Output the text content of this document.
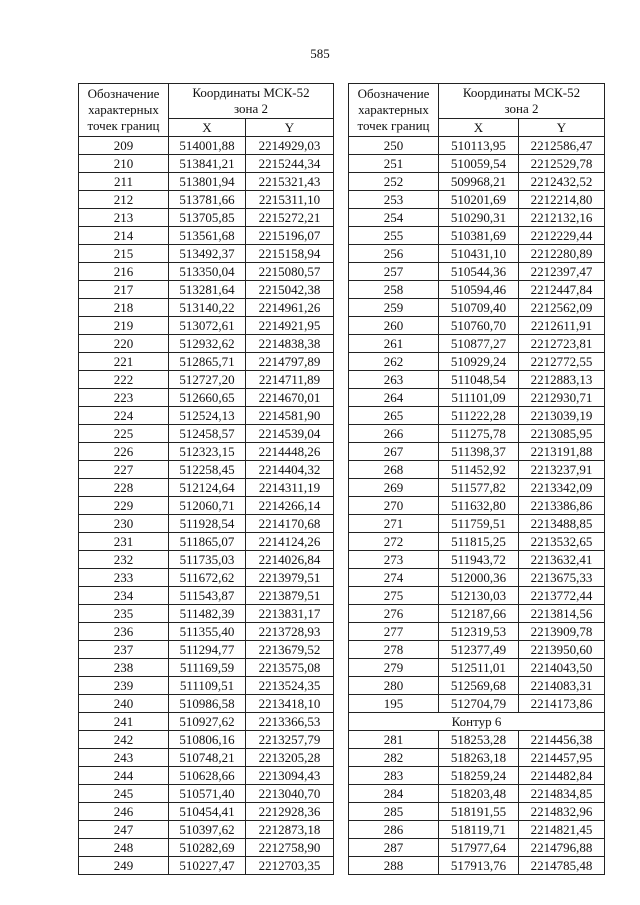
585
Обозначение
характерных
точек границ	Координаты МСК-52
зона 2	
	X	Y
209	514001,88	2214929,03
210	513841,21	2215244,34
211	513801,94	2215321,43
212	513781,66	2215311,10
213	513705,85	2215272,21
214	513561,68	2215196,07
215	513492,37	2215158,94
216	513350,04	2215080,57
217	513281,64	2215042,38
218	513140,22	2214961,26
219	513072,61	2214921,95
220	512932,62	2214838,38
221	512865,71	2214797,89
222	512727,20	2214711,89
223	512660,65	2214670,01
224	512524,13	2214581,90
225	512458,57	2214539,04
226	512323,15	2214448,26
227	512258,45	2214404,32
228	512124,64	2214311,19
229	512060,71	2214266,14
230	511928,54	2214170,68
231	511865,07	2214124,26
232	511735,03	2214026,84
233	511672,62	2213979,51
234	511543,87	2213879,51
235	511482,39	2213831,17
236	511355,40	2213728,93
237	511294,77	2213679,52
238	511169,59	2213575,08
239	511109,51	2213524,35
240	510986,58	2213418,10
241	510927,62	2213366,53
242	510806,16	2213257,79
243	510748,21	2213205,28
244	510628,66	2213094,43
245	510571,40	2213040,70
246	510454,41	2212928,36
247	510397,62	2212873,18
248	510282,69	2212758,90
249	510227,47	2212703,35
Обозначение
характерных
точек границ	Координаты МСК-52
зона 2	
	X	Y
250	510113,95	2212586,47
251	510059,54	2212529,78
252	509968,21	2212432,52
253	510201,69	2212214,80
254	510290,31	2212132,16
255	510381,69	2212229,44
256	510431,10	2212280,89
257	510544,36	2212397,47
258	510594,46	2212447,84
259	510709,40	2212562,09
260	510760,70	2212611,91
261	510877,27	2212723,81
262	510929,24	2212772,55
263	511048,54	2212883,13
264	511101,09	2212930,71
265	511222,28	2213039,19
266	511275,78	2213085,95
267	511398,37	2213191,88
268	511452,92	2213237,91
269	511577,82	2213342,09
270	511632,80	2213386,86
271	511759,51	2213488,85
272	511815,25	2213532,65
273	511943,72	2213632,41
274	512000,36	2213675,33
275	512130,03	2213772,44
276	512187,66	2213814,56
277	512319,53	2213909,78
278	512377,49	2213950,60
279	512511,01	2214043,50
280	512569,68	2214083,31
195	512704,79	2214173,86
Контур 6		
281	518253,28	2214456,38
282	518263,18	2214457,95
283	518259,24	2214482,84
284	518203,48	2214834,85
285	518191,55	2214832,96
286	518119,71	2214821,45
287	517977,64	2214796,88
288	517913,76	2214785,48
